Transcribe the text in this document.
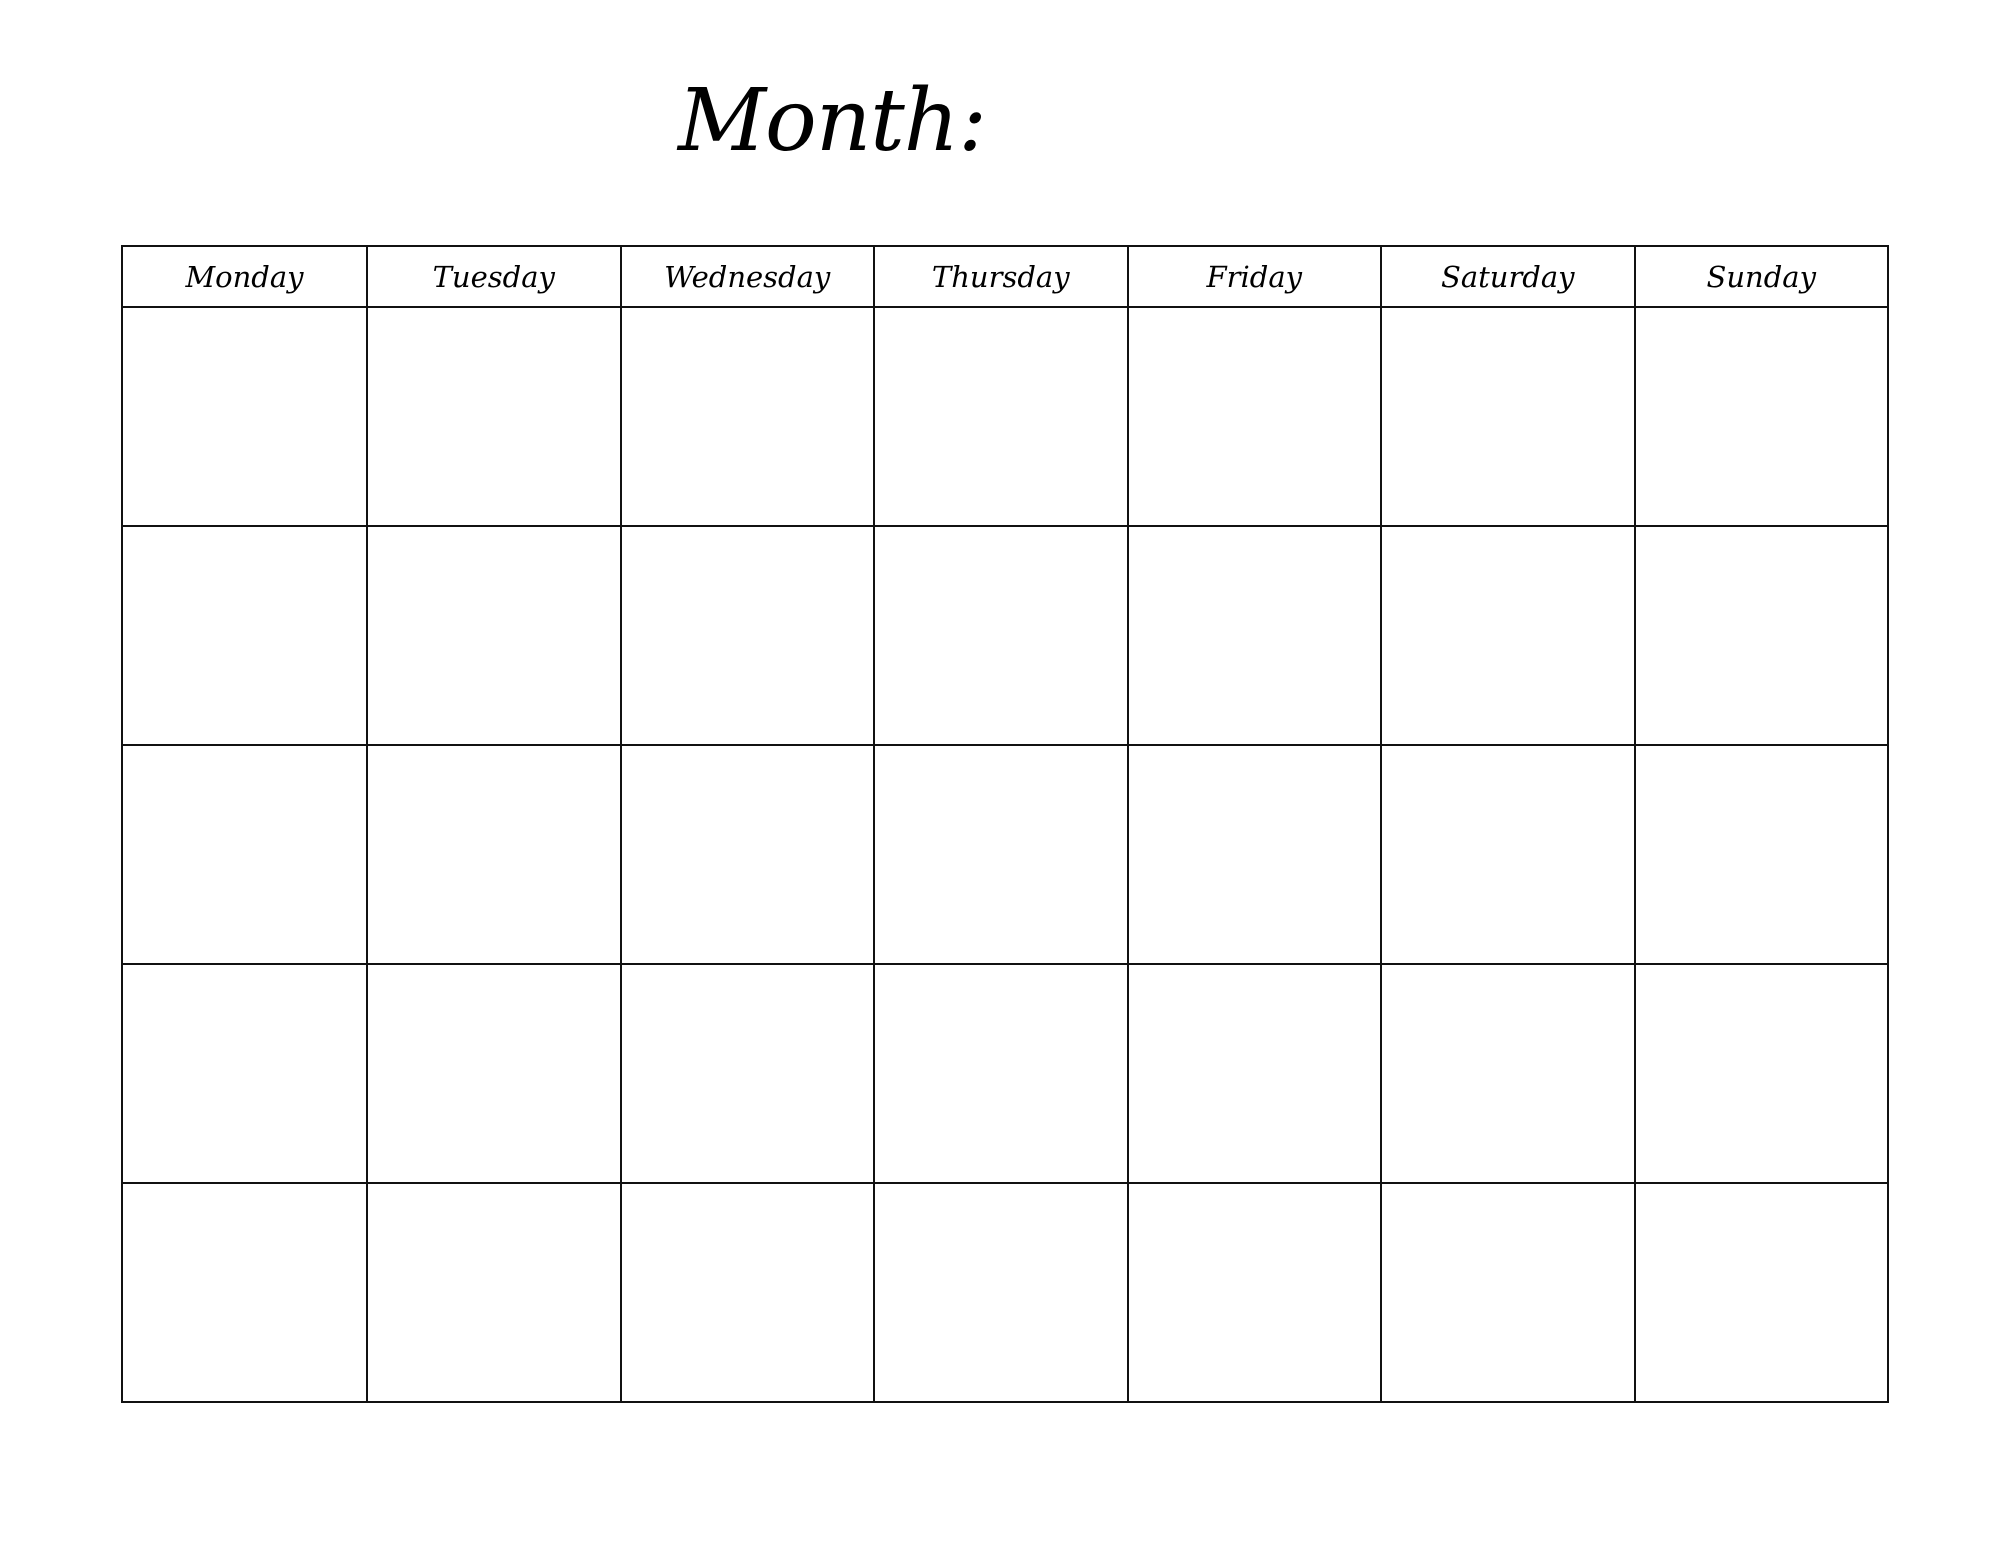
Month:
Monday	Tuesday	Wednesday	Thursday	Friday	Saturday	Sunday
